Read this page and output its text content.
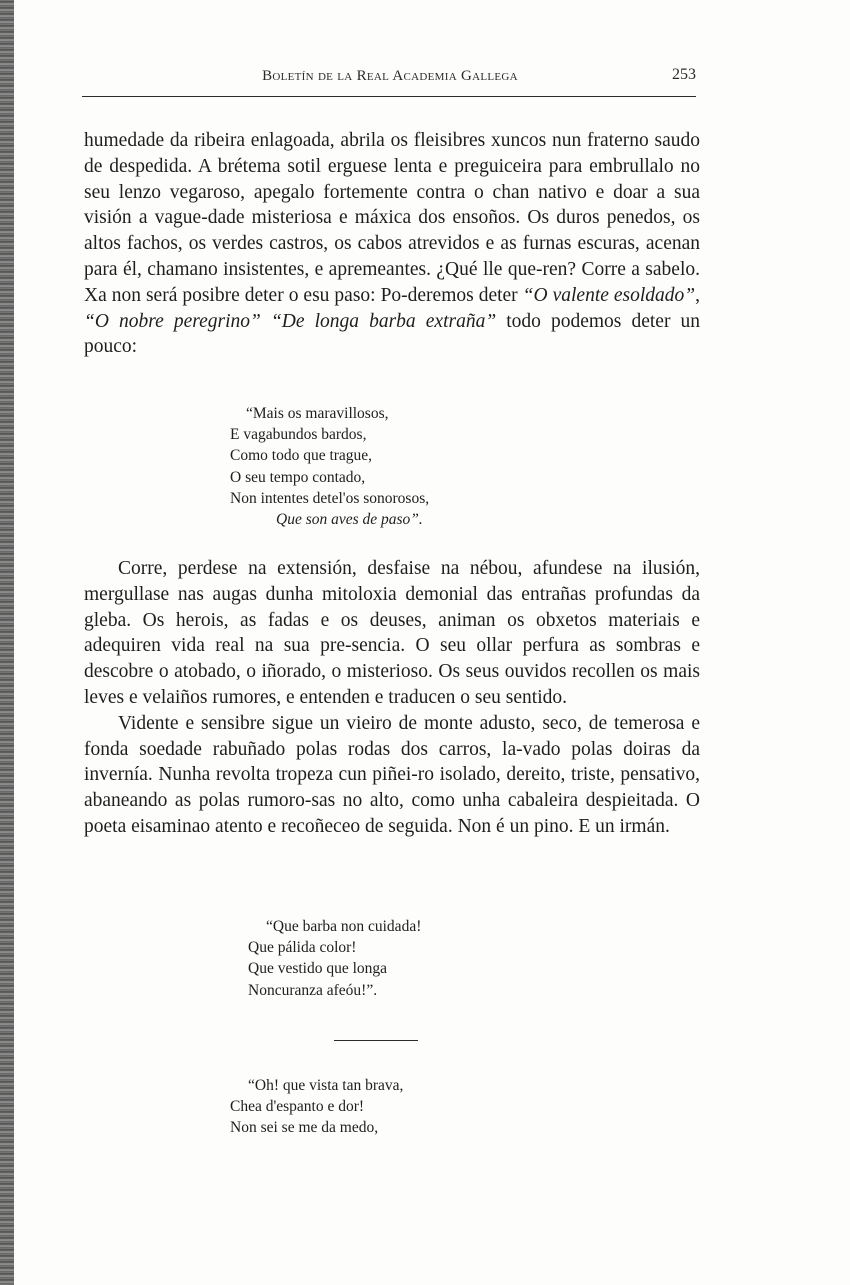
Boletín de la Real Academia Gallega	253

humedade da ribeira enlagoada, abrila os fleisibres xuncos nun fraterno saudo de despedida. A brétema sotil erguese lenta e preguiceira para embrullalo no seu lenzo vegaroso, apegalo fortemente contra o chan nativo e doar a sua visión a vague-dade misteriosa e máxica dos ensoños. Os duros penedos, os altos fachos, os verdes castros, os cabos atrevidos e as furnas escuras, acenan para él, chamano insistentes, e apremeantes. ¿Qué lle que-ren? Corre a sabelo. Xa non será posibre deter o esu paso: Po-deremos deter “O valente esoldado”, “O nobre peregrino” “De longa barba extraña” todo podemos deter un pouco:

“Mais os maravillosos,
E vagabundos bardos,
Como todo que trague,
O seu tempo contado,
Non intentes detel'os sonorosos,
Que son aves de paso”.

Corre, perdese na extensión, desfaise na nébou, afundese na ilusión, mergullase nas augas dunha mitoloxia demonial das entrañas profundas da gleba. Os herois, as fadas e os deuses, animan os obxetos materiais e adequiren vida real na sua pre-sencia. O seu ollar perfura as sombras e descobre o atobado, o iñorado, o misterioso. Os seus ouvidos recollen os mais leves e velaiños rumores, e entenden e traducen o seu sentido.

Vidente e sensibre sigue un vieiro de monte adusto, seco, de temerosa e fonda soedade rabuñado polas rodas dos carros, la-vado polas doiras da invernía. Nunha revolta tropeza cun piñei-ro isolado, dereito, triste, pensativo, abaneando as polas rumoro-sas no alto, como unha cabaleira despieitada. O poeta eisaminao atento e recoñeceo de seguida. Non é un pino. E un irmán.

“Que barba non cuidada!
Que pálida color!
Que vestido que longa
Noncuranza afeóu!”.
“Oh! que vista tan brava,
Chea d'espanto e dor!
Non sei se me da medo,
